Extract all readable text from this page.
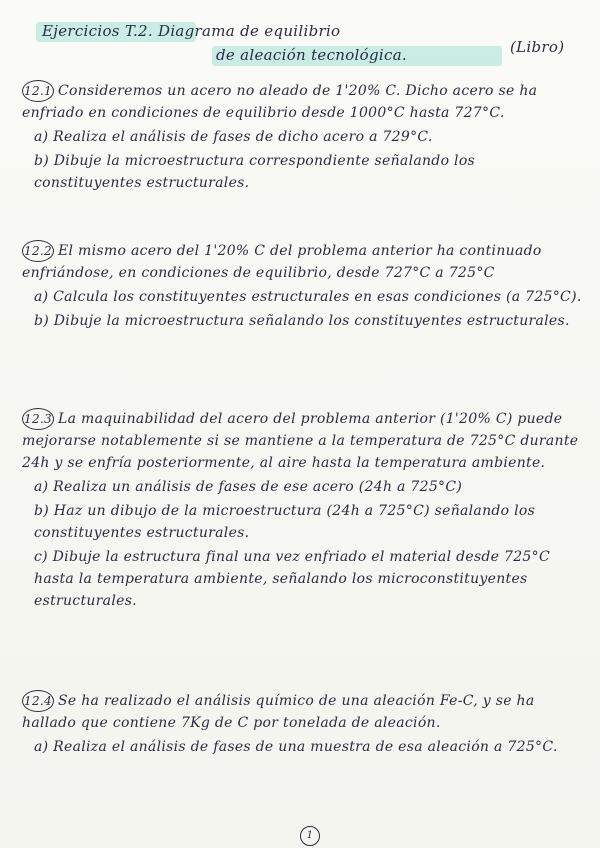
Ejercicios T.2. Diagrama de equilibrio
de aleación tecnológica.	(Libro)
12.1 Consideremos un acero no aleado de 1'20% C. Dicho acero se ha enfriado en condiciones de equilibrio desde 1000°C hasta 727°C.

a) Realiza el análisis de fases de dicho acero a 729°C.

b) Dibuje la microestructura correspondiente señalando los constituyentes estructurales.

12.2 El mismo acero del 1'20% C del problema anterior ha continuado enfriándose, en condiciones de equilibrio, desde 727°C a 725°C

a) Calcula los constituyentes estructurales en esas condiciones (a 725°C).

b) Dibuje la microestructura señalando los constituyentes estructurales.

12.3 La maquinabilidad del acero del problema anterior (1'20% C) puede mejorarse notablemente si se mantiene a la temperatura de 725°C durante 24h y se enfría posteriormente, al aire hasta la temperatura ambiente.

a) Realiza un análisis de fases de ese acero (24h a 725°C)

b) Haz un dibujo de la microestructura (24h a 725°C) señalando los constituyentes estructurales.

c) Dibuje la estructura final una vez enfriado el material desde 725°C hasta la temperatura ambiente, señalando los microconstituyentes estructurales.

12.4 Se ha realizado el análisis químico de una aleación Fe-C, y se ha hallado que contiene 7Kg de C por tonelada de aleación.

a) Realiza el análisis de fases de una muestra de esa aleación a 725°C.

1
